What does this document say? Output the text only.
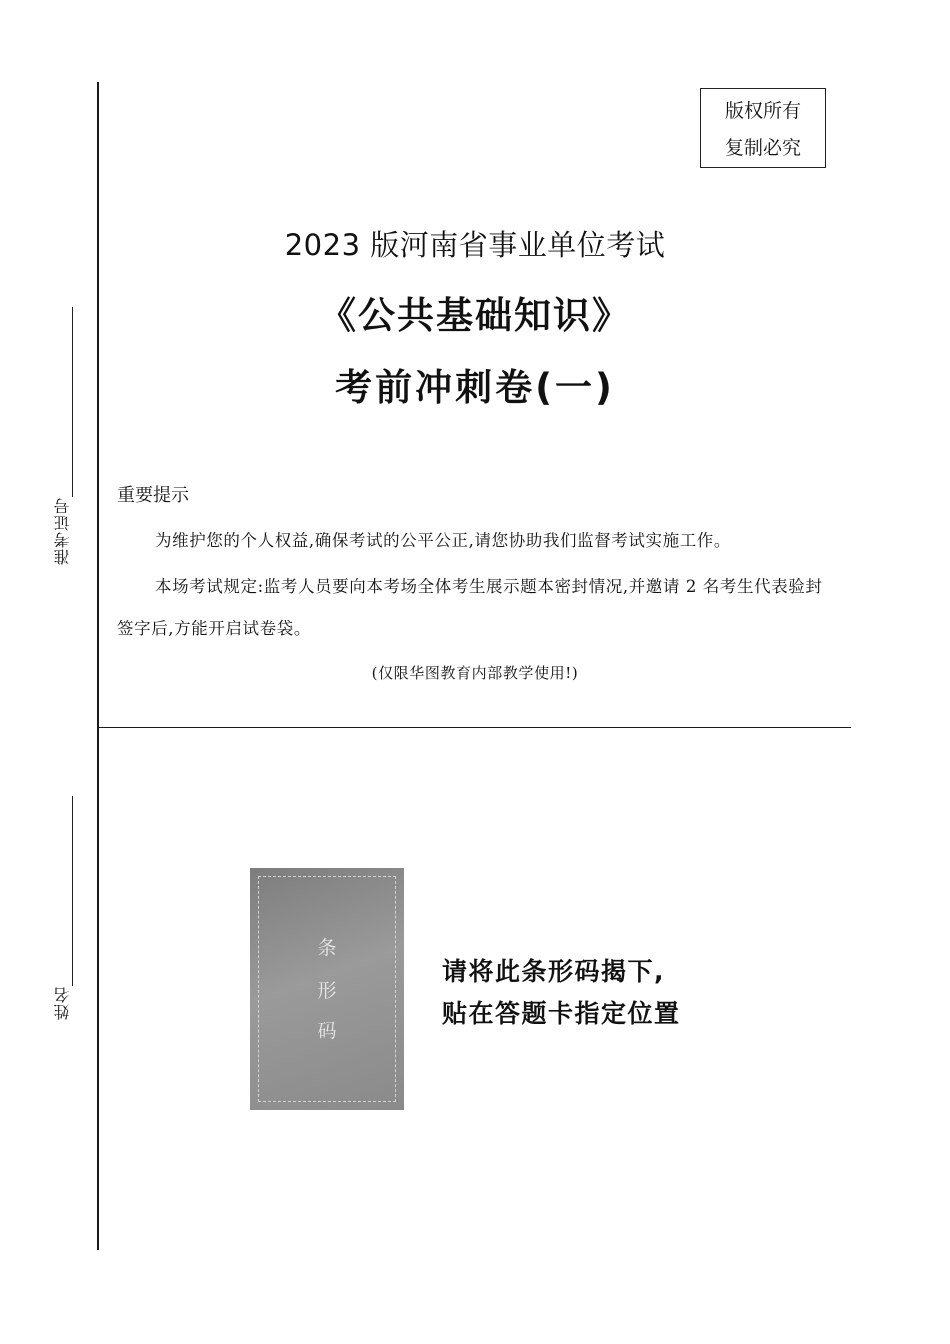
准考证号
姓名
版权所有
复制必究
2023 版河南省事业单位考试
《公共基础知识》
考前冲刺卷(一)
重要提示

为维护您的个人权益,确保考试的公平公正,请您协助我们监督考试实施工作。

本场考试规定:监考人员要向本考场全体考生展示题本密封情况,并邀请 2 名考生代表验封签字后,方能开启试卷袋。

(仅限华图教育内部教学使用!)
条
形
码
请将此条形码揭下,
贴在答题卡指定位置
